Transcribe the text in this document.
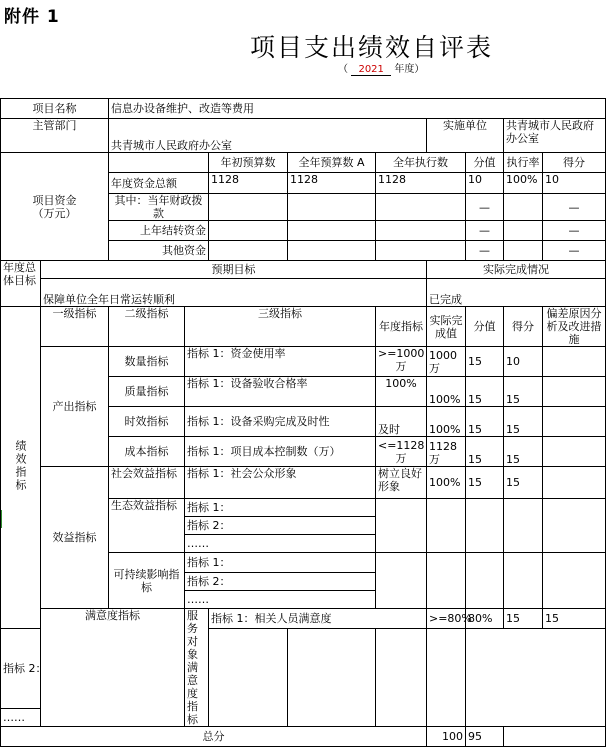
附件 1
项目支出绩效自评表
（ 2021 年度）
项目名称		信息办设备维护、改造等费用									
主管部门		共青城市人民政府办公室					实施单位		共青城市人民政府办公室		
项目资金（万元）				年初预算数	全年预算数 A	全年执行数		分值	执行率	得分	
		年度资金总额		1128	1128	1128		10	100%	10	
		其中：当年财政拨款						—		—	
		上年结转资金						—		—	
		其他资金						—		—	
年度总体目标	预期目标						实际完成情况				
	保障单位全年日常运转顺利						已完成				
绩效指标	一级指标	二级指标	三级指标			年度指标	实际完成值	分值	得分	偏差原因分析及改进措施	
	产出指标	数量指标	指标 1：资金使用率			>=1000万	1000万	15	10		
		质量指标	指标 1：设备验收合格率			100%	100%	15	15		
		时效指标	指标 1：设备采购完成及时性			及时	100%	15	15		
		成本指标	指标 1：项目成本控制数（万）			<=1128万	1128万	15	15		
	效益指标	社会效益指标	指标 1：社会公众形象			树立良好形象	100%	15	15		
		生态效益指标	指标 1：								
			指标 2：								
			……								
		可持续影响指标	指标 1：								
			指标 2：								
			……								
	满意度指标		服务对象满意度指标	指标 1：相关人员满意度			>=80%	80%	15	15	
指标 2：											
……											
总分							100	95			
